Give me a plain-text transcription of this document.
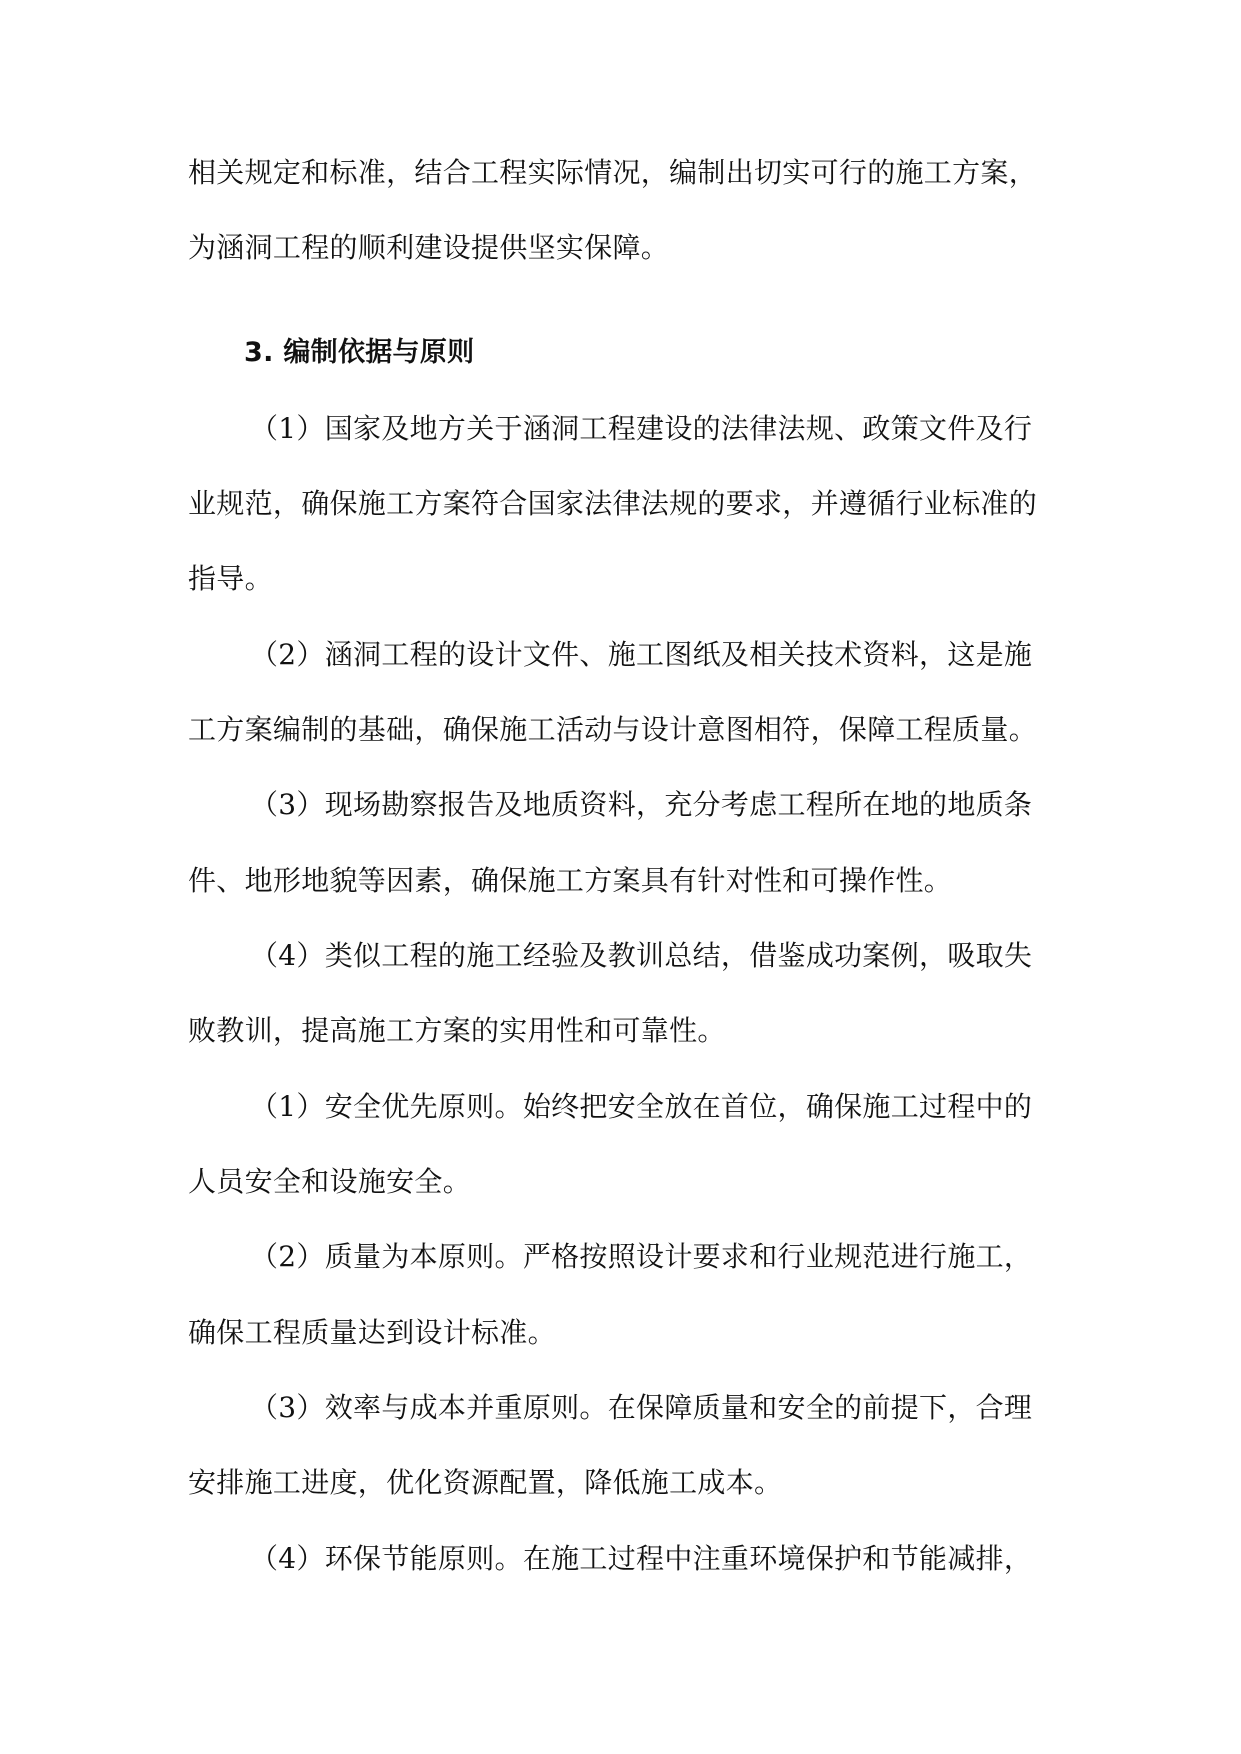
相关规定和标准，结合工程实际情况，编制出切实可行的施工方案，
为涵洞工程的顺利建设提供坚实保障。
3. 编制依据与原则
（1）国家及地方关于涵洞工程建设的法律法规、政策文件及行
业规范，确保施工方案符合国家法律法规的要求，并遵循行业标准的
指导。
（2）涵洞工程的设计文件、施工图纸及相关技术资料，这是施
工方案编制的基础，确保施工活动与设计意图相符，保障工程质量。
（3）现场勘察报告及地质资料，充分考虑工程所在地的地质条
件、地形地貌等因素，确保施工方案具有针对性和可操作性。
（4）类似工程的施工经验及教训总结，借鉴成功案例，吸取失
败教训，提高施工方案的实用性和可靠性。
（1）安全优先原则。始终把安全放在首位，确保施工过程中的
人员安全和设施安全。
（2）质量为本原则。严格按照设计要求和行业规范进行施工，
确保工程质量达到设计标准。
（3）效率与成本并重原则。在保障质量和安全的前提下，合理
安排施工进度，优化资源配置，降低施工成本。
（4）环保节能原则。在施工过程中注重环境保护和节能减排，
